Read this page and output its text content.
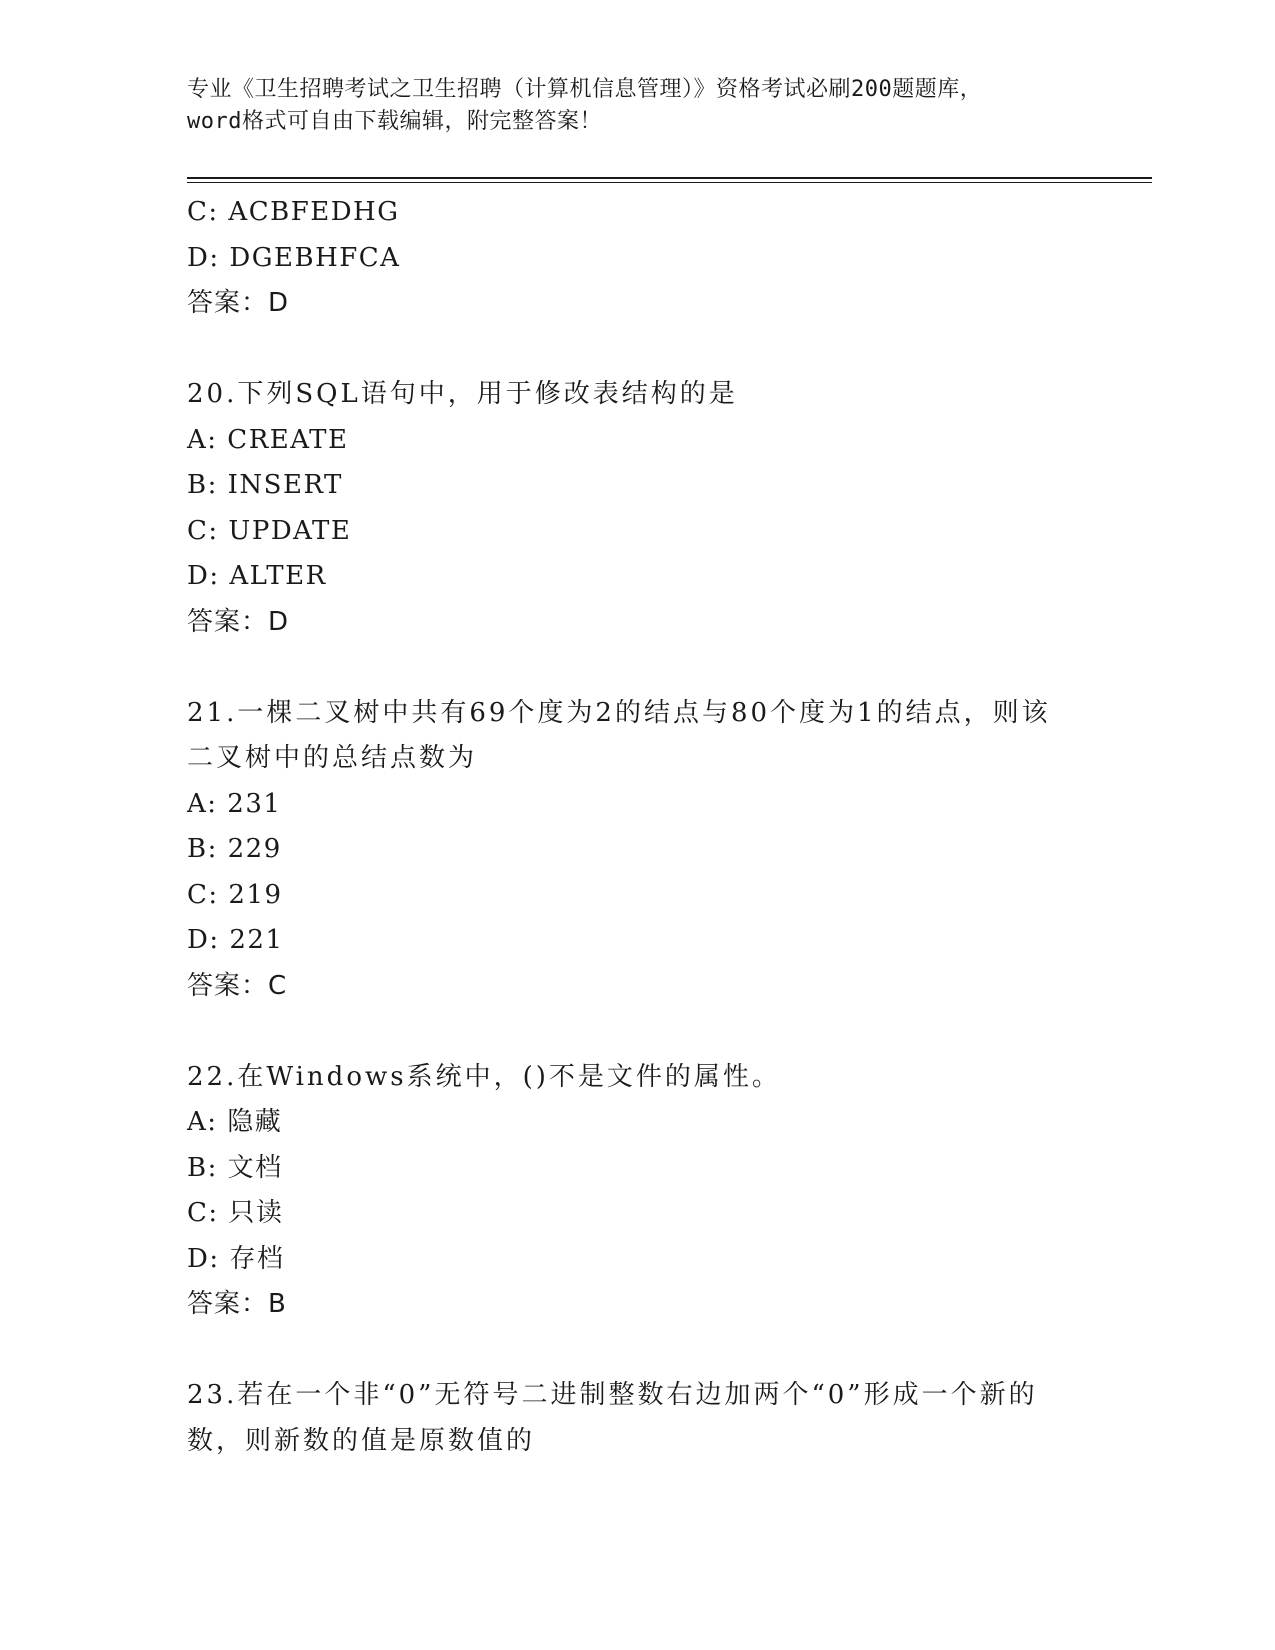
专业《卫生招聘考试之卫生招聘（计算机信息管理）》资格考试必刷200题题库，
word格式可自由下载编辑，附完整答案！
C: ACBFEDHG
D: DGEBHFCA
答案：D
20.下列SQL语句中，用于修改表结构的是
A: CREATE
B: INSERT
C: UPDATE
D: ALTER
答案：D
21.一棵二叉树中共有69个度为2的结点与80个度为1的结点，则该
二叉树中的总结点数为
A: 231
B: 229
C: 219
D: 221
答案：C
22.在Windows系统中，()不是文件的属性。
A: 隐藏
B: 文档
C: 只读
D: 存档
答案：B
23.若在一个非“0”无符号二进制整数右边加两个“0”形成一个新的
数，则新数的值是原数值的
